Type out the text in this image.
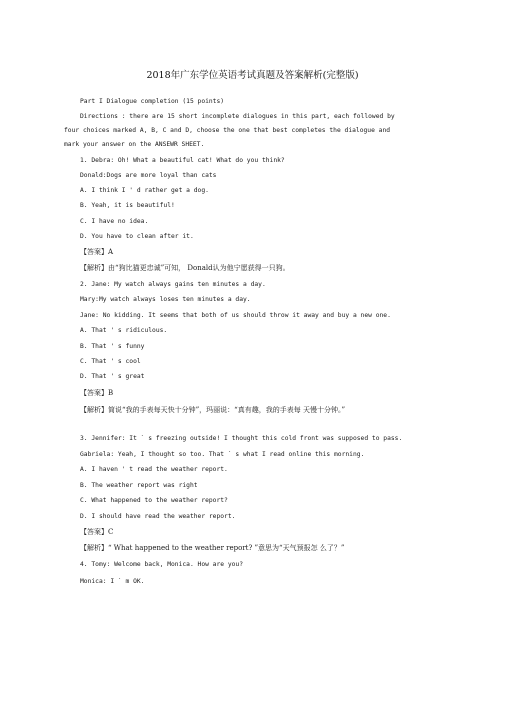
2018年广东学位英语考试真题及答案解析(完整版)
Part I Dialogue completion (15 points)
Directions : there are 15 short incomplete dialogues in this part, each followed by
four choices marked A, B, C and D, choose the one that best completes the dialogue and
mark your answer on the ANSEWR SHEET.
1. Debra: Oh! What a beautiful cat! What do you think?
Donald:Dogs are more loyal than cats
A. I think I ' d rather get a dog.
B. Yeah, it is beautiful!
C. I have no idea.
D. You have to clean after it.
【答案】A
【解析】由“狗比猫更忠诚”可知， Donald认为他宁愿获得一只狗。
2. Jane: My watch always gains ten minutes a day.
Mary:My watch always loses ten minutes a day.
Jane: No kidding. It seems that both of us should throw it away and buy a new one.
A. That ' s ridiculous.
B. That ' s funny
C. That ' s cool
D. That ' s great
【答案】B
【解析】简说“我的手表每天快十分钟”，玛丽说：“真有趣，我的手表每 天慢十分钟。”
3. Jennifer: It ` s freezing outside! I thought this cold front was supposed to pass.
Gabriela: Yeah, I thought so too. That ` s what I read online this morning.
A. I haven ' t read the weather report.
B. The weather report was right
C. What happened to the weather report?
D. I should have read the weather report.
【答案】C
【解析】“ What happened to the weather report? ”意思为“天气预报怎 么了？”
4. Tomy: Welcome back, Monica. How are you?
Monica: I ` m OK.
